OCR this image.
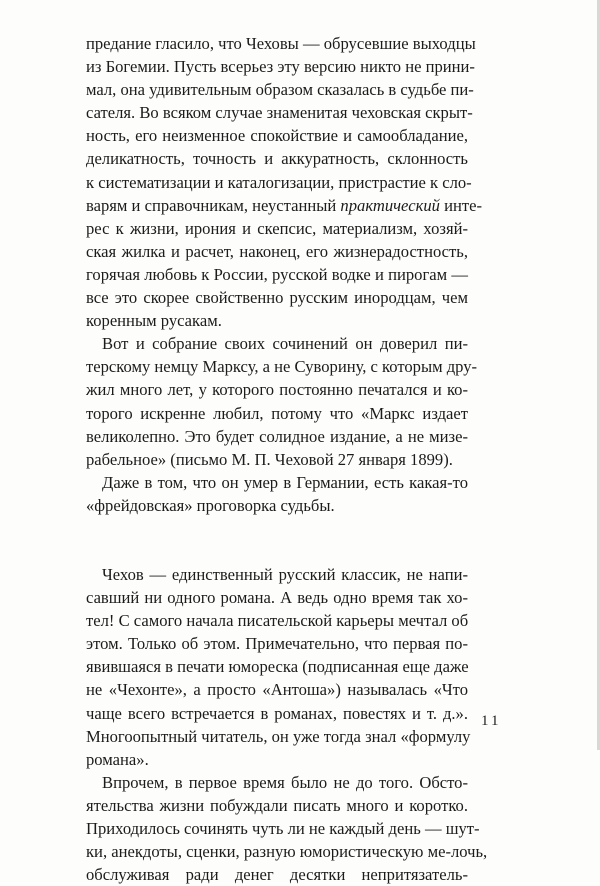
предание гласило, что Чеховы — обрусевшие выходцы
из Богемии. Пусть всерьез эту версию никто не прини-
мал, она удивительным образом сказалась в судьбе пи-
сателя. Во всяком случае знаменитая чеховская скрыт-
ность, его неизменное спокойствие и самообладание,
деликатность, точность и аккуратность, склонность
к систематизации и каталогизации, пристрастие к сло-
варям и справочникам, неустанный практический инте-
рес к жизни, ирония и скепсис, материализм, хозяй-
ская жилка и расчет, наконец, его жизнерадостность,
горячая любовь к России, русской водке и пирогам —
все это скорее свойственно русским инородцам, чем
коренным русакам.
Вот и собрание своих сочинений он доверил пи-
терскому немцу Марксу, а не Суворину, с которым дру-
жил много лет, у которого постоянно печатался и ко-
торого искренне любил, потому что «Маркс издает
великолепно. Это будет солидное издание, а не мизе-
рабельное» (письмо М. П. Чеховой 27 января 1899).
Даже в том, что он умер в Германии, есть какая-то
«фрейдовская» проговорка судьбы.
Чехов — единственный русский классик, не напи-
савший ни одного романа. А ведь одно время так хо-
тел! С самого начала писательской карьеры мечтал об
этом. Только об этом. Примечательно, что первая по-
явившаяся в печати юмореска (подписанная еще даже
не «Чехонте», а просто «Антоша») называлась «Что
чаще всего встречается в романах, повестях и т. д.».
Многоопытный читатель, он уже тогда знал «формулу
романа».
Впрочем, в первое время было не до того. Обсто-
ятельства жизни побуждали писать много и коротко.
Приходилось сочинять чуть ли не каждый день — шут-
ки, анекдоты, сценки, разную юмористическую ме-лочь,
обслуживая ради денег десятки непритязатель-
11
